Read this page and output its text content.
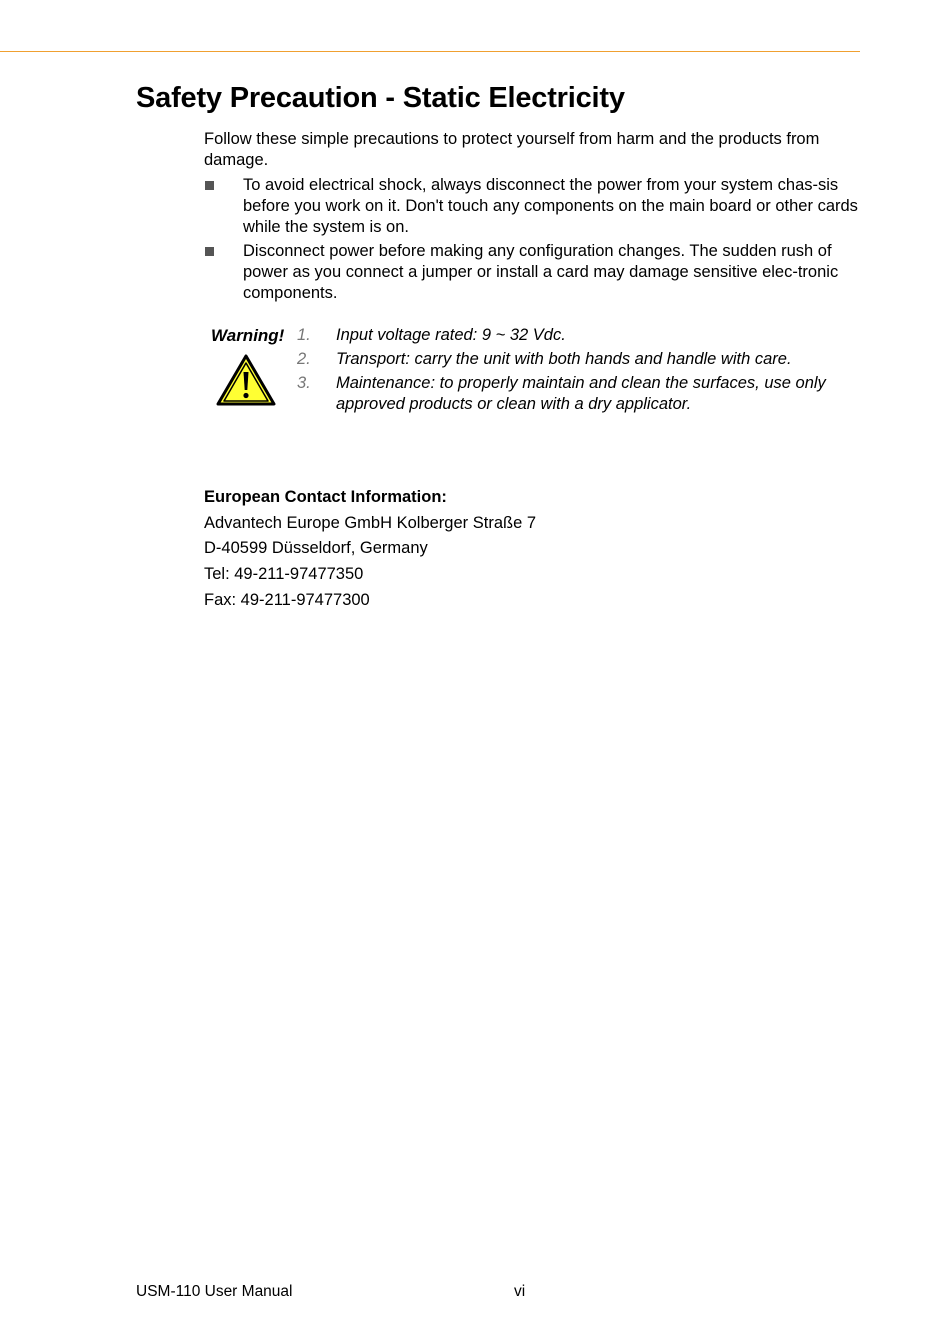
Safety Precaution - Static Electricity
Follow these simple precautions to protect yourself from harm and the products from damage.
To avoid electrical shock, always disconnect the power from your system chas-sis before you work on it. Don't touch any components on the main board or other cards while the system is on.
Disconnect power before making any configuration changes. The sudden rush of power as you connect a jumper or install a card may damage sensitive elec-tronic components.
Warning! 1. Input voltage rated: 9 ~ 32 Vdc.
2. Transport: carry the unit with both hands and handle with care.
3. Maintenance: to properly maintain and clean the surfaces, use only approved products or clean with a dry applicator.
European Contact Information:
Advantech Europe GmbH Kolberger Straße 7
D-40599 Düsseldorf, Germany
Tel: 49-211-97477350
Fax: 49-211-97477300
USM-110 User Manual	vi
